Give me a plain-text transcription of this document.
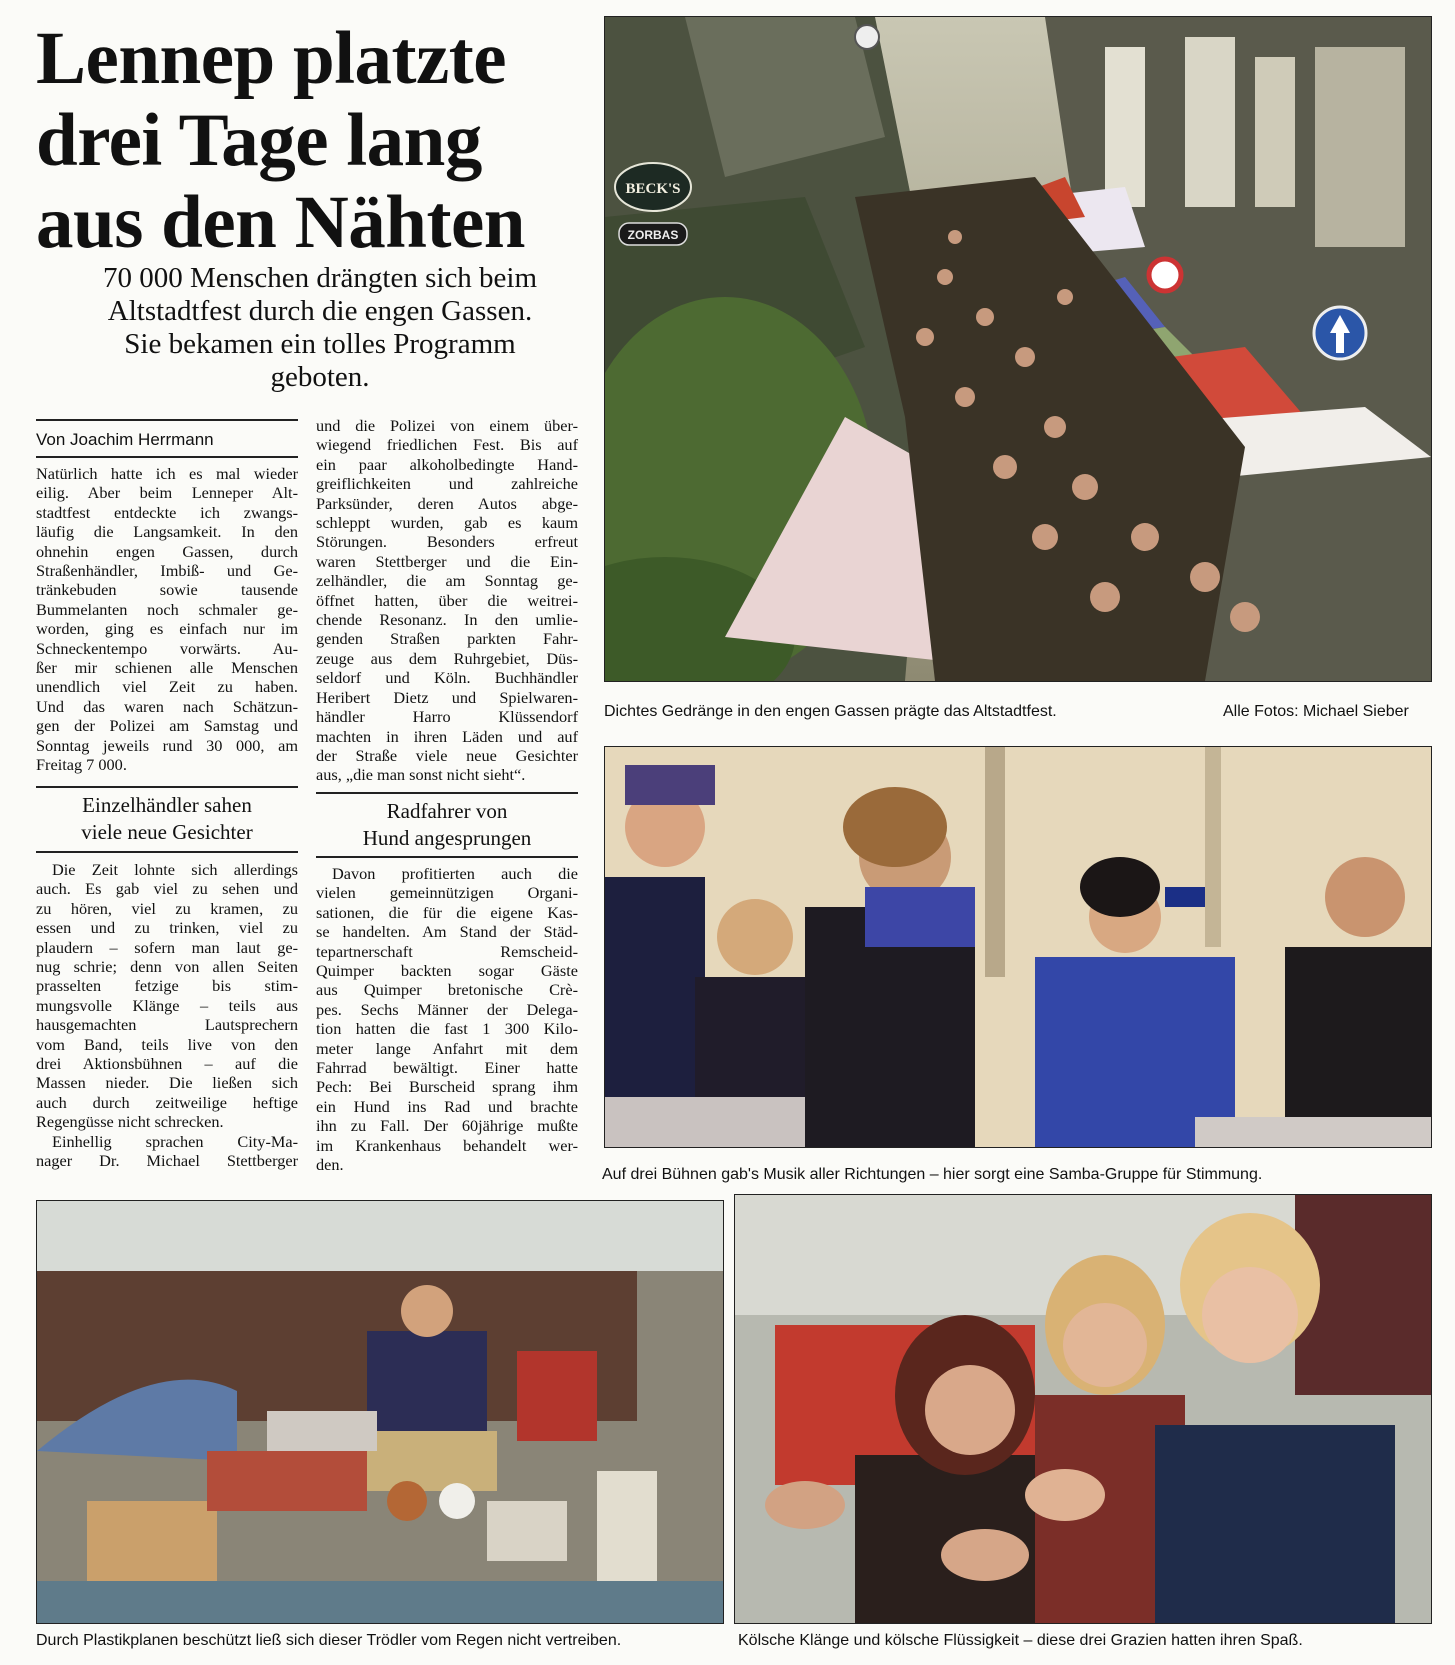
Lennep platzte
drei Tage lang
aus den Nähten
70 000 Menschen drängten sich beim
Altstadtfest durch die engen Gassen.
Sie bekamen ein tolles Programm
geboten.
Von Joachim Herrmann
Natürlich hatte ich es mal wieder
eilig. Aber beim Lenneper Alt-
stadtfest entdeckte ich zwangs-
läufig die Langsamkeit. In den
ohnehin engen Gassen, durch
Straßenhändler, Imbiß- und Ge-
tränkebuden sowie tausende
Bummelanten noch schmaler ge-
worden, ging es einfach nur im
Schneckentempo vorwärts. Au-
ßer mir schienen alle Menschen
unendlich viel Zeit zu haben.
Und das waren nach Schätzun-
gen der Polizei am Samstag und
Sonntag jeweils rund 30 000, am
Freitag 7 000.
Einzelhändler sahen
viele neue Gesichter
Die Zeit lohnte sich allerdings
auch. Es gab viel zu sehen und
zu hören, viel zu kramen, zu
essen und zu trinken, viel zu
plaudern – sofern man laut ge-
nug schrie; denn von allen Seiten
prasselten fetzige bis stim-
mungsvolle Klänge – teils aus
hausgemachten Lautsprechern
vom Band, teils live von den
drei Aktionsbühnen – auf die
Massen nieder. Die ließen sich
auch durch zeitweilige heftige
Regengüsse nicht schrecken.
Einhellig sprachen City-Ma-
nager Dr. Michael Stettberger
und die Polizei von einem über-
wiegend friedlichen Fest. Bis auf
ein paar alkoholbedingte Hand-
greiflichkeiten und zahlreiche
Parksünder, deren Autos abge-
schleppt wurden, gab es kaum
Störungen. Besonders erfreut
waren Stettberger und die Ein-
zelhändler, die am Sonntag ge-
öffnet hatten, über die weitrei-
chende Resonanz. In den umlie-
genden Straßen parkten Fahr-
zeuge aus dem Ruhrgebiet, Düs-
seldorf und Köln. Buchhändler
Heribert Dietz und Spielwaren-
händler Harro Klüssendorf
machten in ihren Läden und auf
der Straße viele neue Gesichter
aus, „die man sonst nicht sieht“.
Radfahrer von
Hund angesprungen
Davon profitierten auch die
vielen gemeinnützigen Organi-
sationen, die für die eigene Kas-
se handelten. Am Stand der Städ-
tepartnerschaft Remscheid-
Quimper backten sogar Gäste
aus Quimper bretonische Crè-
pes. Sechs Männer der Delega-
tion hatten die fast 1 300 Kilo-
meter lange Anfahrt mit dem
Fahrrad bewältigt. Einer hatte
Pech: Bei Burscheid sprang ihm
ein Hund ins Rad und brachte
ihn zu Fall. Der 60jährige mußte
im Krankenhaus behandelt wer-
den.
BECK'S
ZORBAS
Dichtes Gedränge in den engen Gassen prägte das Altstadtfest.	Alle Fotos: Michael Sieber
Auf drei Bühnen gab's Musik aller Richtungen – hier sorgt eine Samba-Gruppe für Stimmung.
Durch Plastikplanen beschützt ließ sich dieser Trödler vom Regen nicht vertreiben.	Kölsche Klänge und kölsche Flüssigkeit – diese drei Grazien hatten ihren Spaß.
